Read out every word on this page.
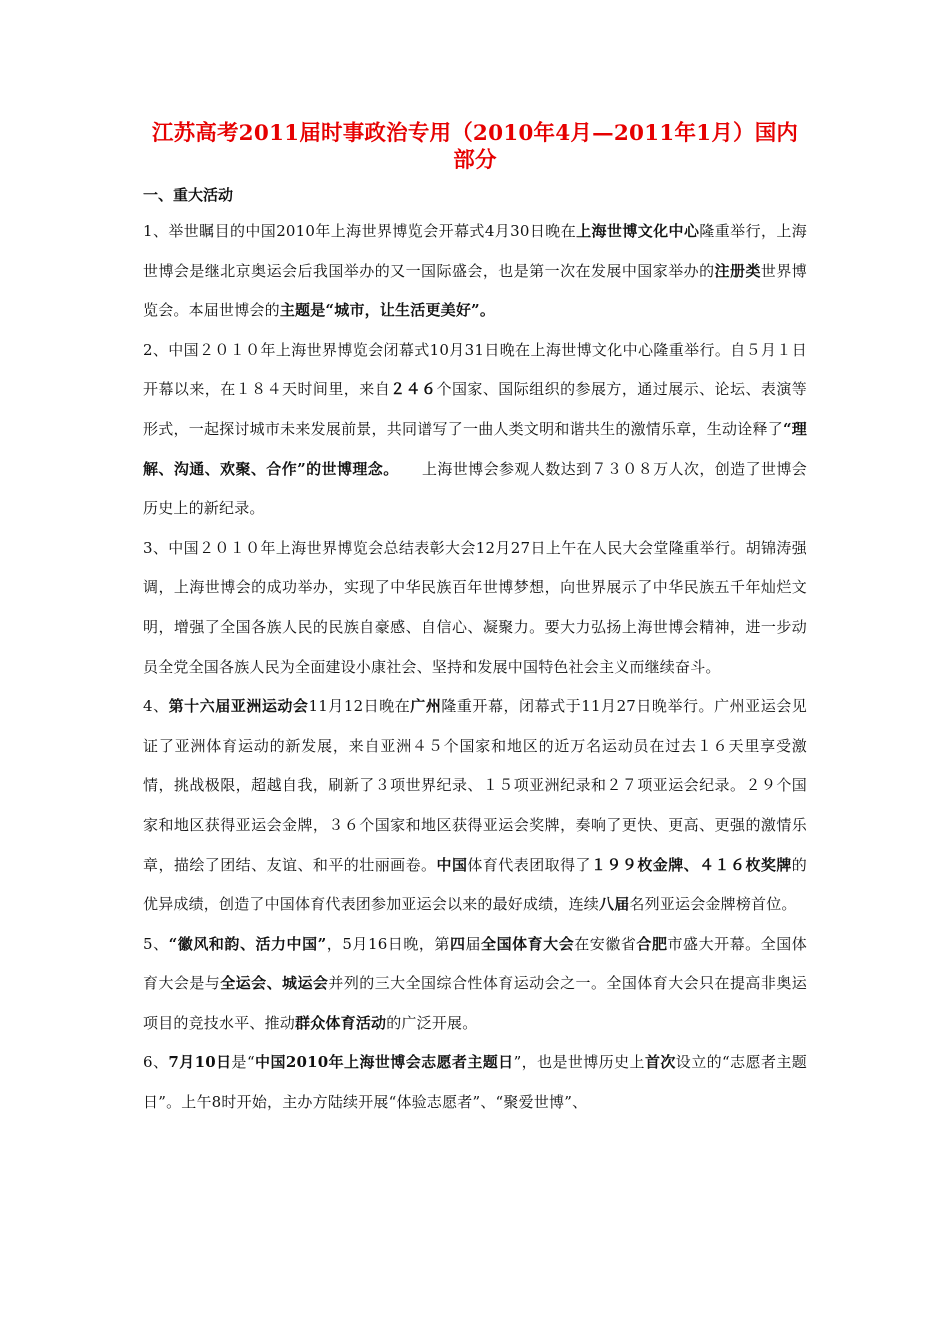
江苏高考2011届时事政治专用（2010年4月—2011年1月）国内部分
一、重大活动

1、举世瞩目的中国2010年上海世界博览会开幕式4月30日晚在上海世博文化中心隆重举行，上海世博会是继北京奥运会后我国举办的又一国际盛会，也是第一次在发展中国家举办的注册类世界博览会。本届世博会的主题是“城市，让生活更美好”。

2、中国２０１０年上海世界博览会闭幕式10月31日晚在上海世博文化中心隆重举行。自５月１日开幕以来，在１８４天时间里，来自２４６个国家、国际组织的参展方，通过展示、论坛、表演等形式，一起探讨城市未来发展前景，共同谱写了一曲人类文明和谐共生的激情乐章，生动诠释了“理解、沟通、欢聚、合作”的世博理念。　　上海世博会参观人数达到７３０８万人次，创造了世博会历史上的新纪录。

3、中国２０１０年上海世界博览会总结表彰大会12月27日上午在人民大会堂隆重举行。胡锦涛强调，上海世博会的成功举办，实现了中华民族百年世博梦想，向世界展示了中华民族五千年灿烂文明，增强了全国各族人民的民族自豪感、自信心、凝聚力。要大力弘扬上海世博会精神，进一步动员全党全国各族人民为全面建设小康社会、坚持和发展中国特色社会主义而继续奋斗。

4、第十六届亚洲运动会11月12日晚在广州隆重开幕，闭幕式于11月27日晚举行。广州亚运会见证了亚洲体育运动的新发展，来自亚洲４５个国家和地区的近万名运动员在过去１６天里享受激情，挑战极限，超越自我，刷新了３项世界纪录、１５项亚洲纪录和２７项亚运会纪录。２９个国家和地区获得亚运会金牌，３６个国家和地区获得亚运会奖牌，奏响了更快、更高、更强的激情乐章，描绘了团结、友谊、和平的壮丽画卷。中国体育代表团取得了１９９枚金牌、４１６枚奖牌的优异成绩，创造了中国体育代表团参加亚运会以来的最好成绩，连续八届名列亚运会金牌榜首位。

5、“徽风和韵、活力中国”，5月16日晚，第四届全国体育大会在安徽省合肥市盛大开幕。全国体育大会是与全运会、城运会并列的三大全国综合性体育运动会之一。全国体育大会只在提高非奥运项目的竞技水平、推动群众体育活动的广泛开展。

6、7月10日是“中国2010年上海世博会志愿者主题日”，也是世博历史上首次设立的“志愿者主题日”。上午8时开始，主办方陆续开展“体验志愿者”、“聚爱世博”、
